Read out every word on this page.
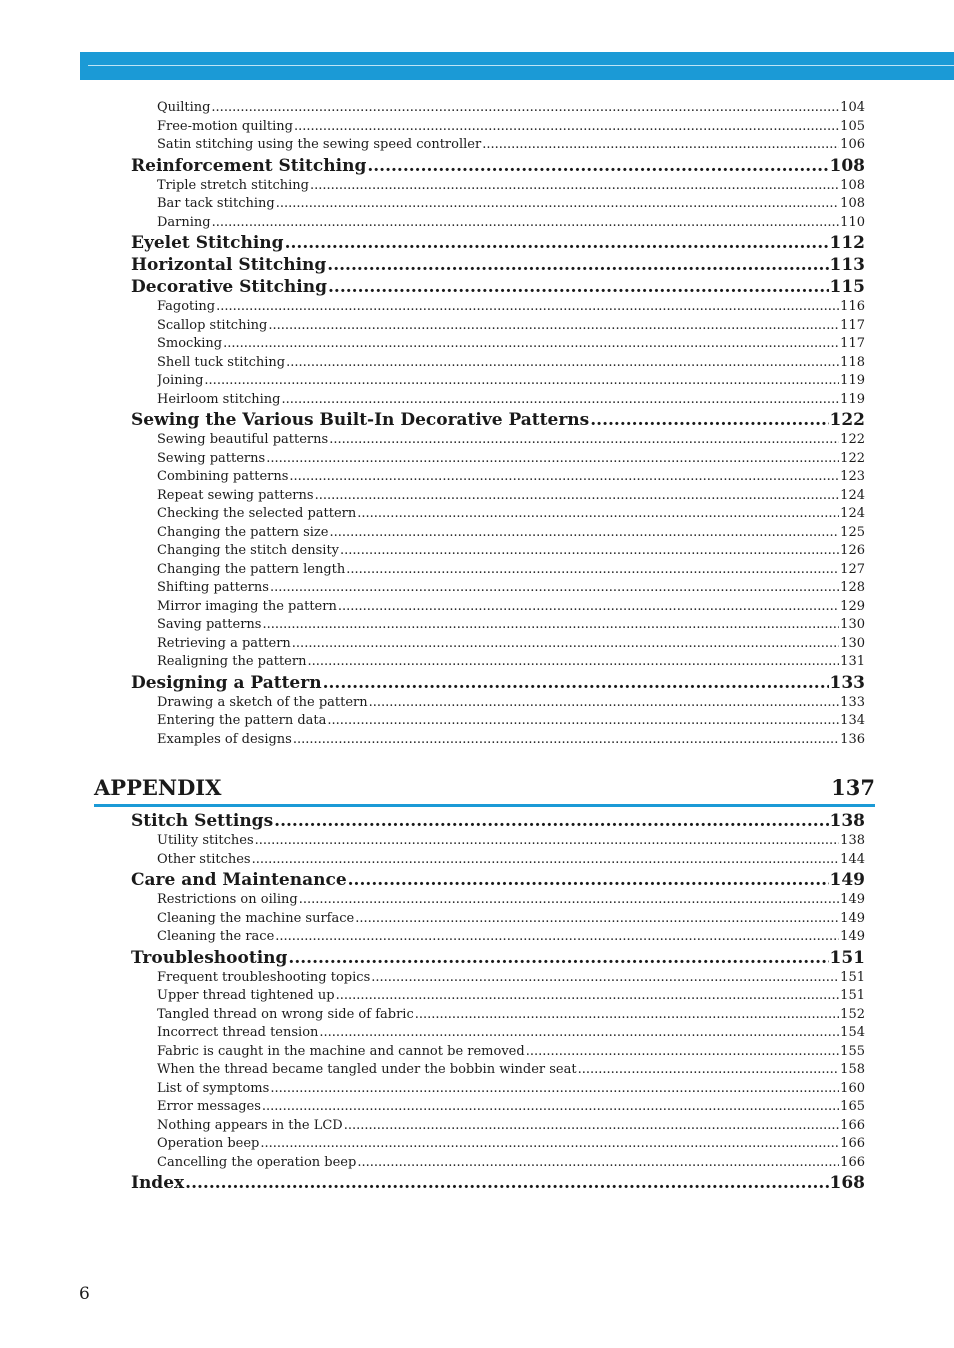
Quilting .....	104
Free-motion quilting .....	105
Satin stitching using the sewing speed controller .....	106
Reinforcement Stitching .....	108
Triple stretch stitching .....	108
Bar tack stitching .....	108
Darning .....	110
Eyelet Stitching .....	112
Horizontal Stitching .....	113
Decorative Stitching .....	115
Fagoting .....	116
Scallop stitching .....	117
Smocking .....	117
Shell tuck stitching .....	118
Joining .....	119
Heirloom stitching .....	119
Sewing the Various Built-In Decorative Patterns .....	122
Sewing beautiful patterns .....	122
Sewing patterns .....	122
Combining patterns .....	123
Repeat sewing patterns .....	124
Checking the selected pattern .....	124
Changing the pattern size .....	125
Changing the stitch density .....	126
Changing the pattern length .....	127
Shifting patterns .....	128
Mirror imaging the pattern .....	129
Saving patterns .....	130
Retrieving a pattern .....	130
Realigning the pattern .....	131
Designing a Pattern .....	133
Drawing a sketch of the pattern .....	133
Entering the pattern data .....	134
Examples of designs .....	136
APPENDIX	137
Stitch Settings .....	138
Utility stitches .....	138
Other stitches .....	144
Care and Maintenance .....	149
Restrictions on oiling .....	149
Cleaning the machine surface .....	149
Cleaning the race .....	149
Troubleshooting .....	151
Frequent troubleshooting topics .....	151
Upper thread tightened up .....	151
Tangled thread on wrong side of fabric .....	152
Incorrect thread tension .....	154
Fabric is caught in the machine and cannot be removed .....	155
When the thread became tangled under the bobbin winder seat .....	158
List of symptoms .....	160
Error messages .....	165
Nothing appears in the LCD .....	166
Operation beep .....	166
Cancelling the operation beep .....	166
Index .....	168
6
